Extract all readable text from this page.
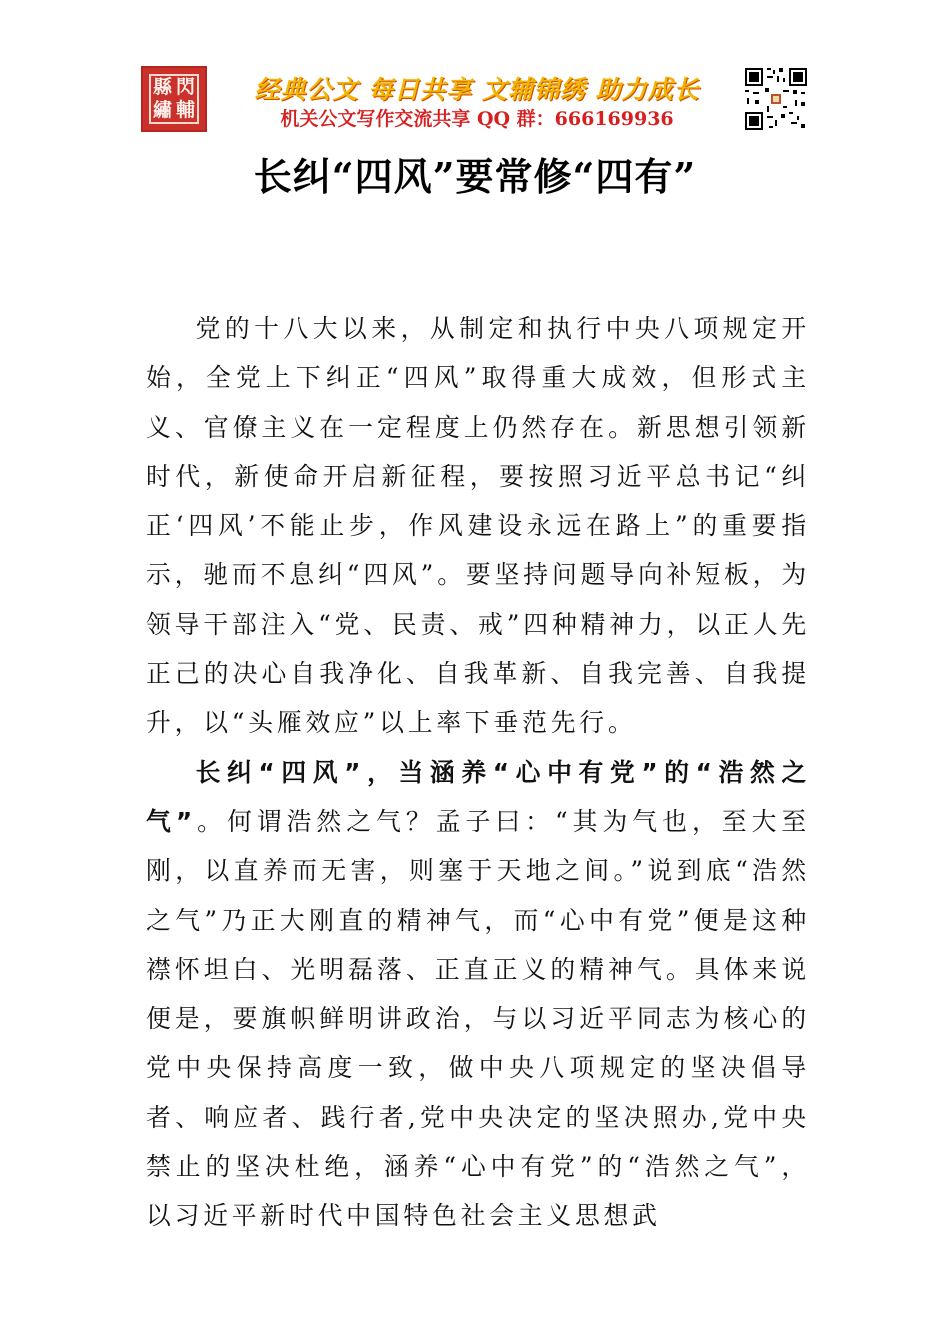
縣 閃
繡 輔
经典公文 每日共享 文辅锦绣 助力成长
机关公文写作交流共享 QQ 群：666169936
长纠“四风”要常修“四有”

党的十八大以来，从制定和执行中央八项规定开始，全党上下纠正“四风”取得重大成效，但形式主义、官僚主义在一定程度上仍然存在。新思想引领新时代，新使命开启新征程，要按照习近平总书记“纠正‘四风’不能止步，作风建设永远在路上”的重要指示，驰而不息纠“四风”。要坚持问题导向补短板，为领导干部注入“党、民责、戒”四种精神力，以正人先正己的决心自我净化、自我革新、自我完善、自我提升，以“头雁效应”以上率下垂范先行。

长纠“四风”，当涵养“心中有党”的“浩然之气”。何谓浩然之气？孟子曰：“其为气也，至大至刚，以直养而无害，则塞于天地之间。”说到底“浩然之气”乃正大刚直的精神气，而“心中有党”便是这种襟怀坦白、光明磊落、正直正义的精神气。具体来说便是，要旗帜鲜明讲政治，与以习近平同志为核心的党中央保持高度一致，做中央八项规定的坚决倡导者、响应者、践行者,党中央决定的坚决照办,党中央禁止的坚决杜绝，涵养“心中有党”的“浩然之气”，以习近平新时代中国特色社会主义思想武
